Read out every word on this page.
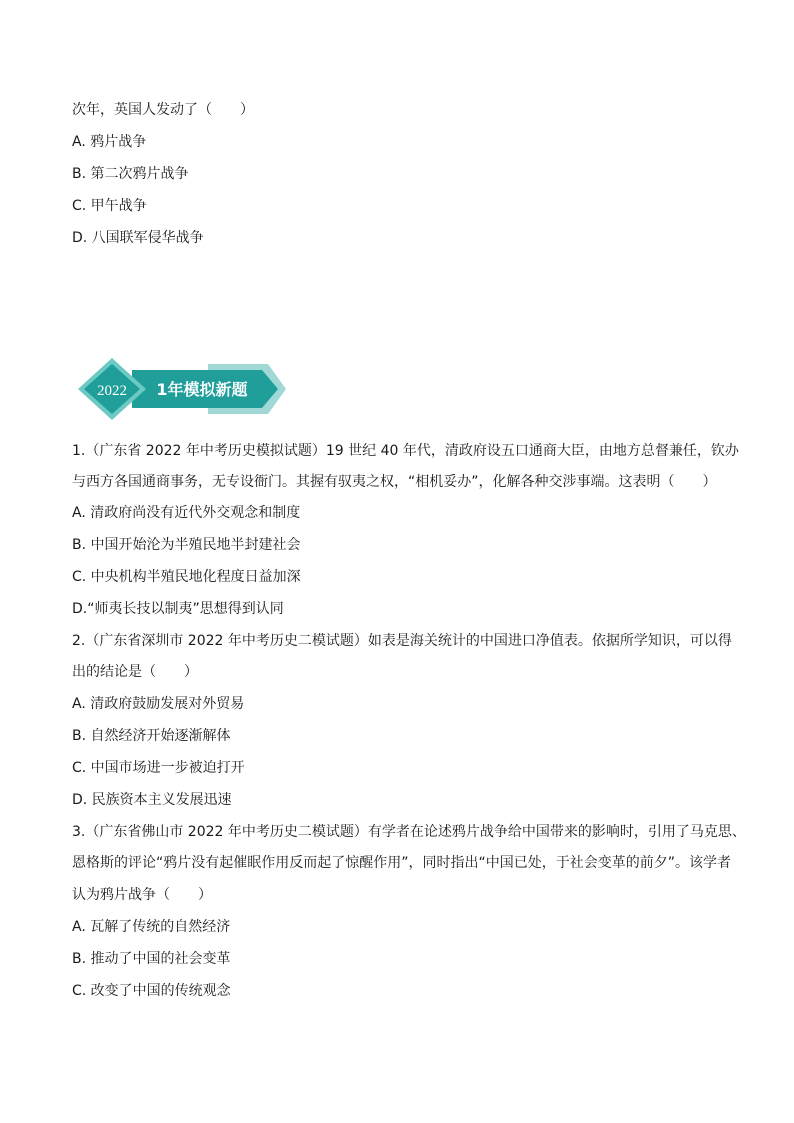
次年，英国人发动了（　　）
A. 鸦片战争
B. 第二次鸦片战争
C. 甲午战争
D. 八国联军侵华战争
2022 1年模拟新题
1.（广东省 2022 年中考历史模拟试题）19 世纪 40 年代，清政府设五口通商大臣，由地方总督兼任，钦办
与西方各国通商事务，无专设衙门。其握有驭夷之权，“相机妥办”，化解各种交涉事端。这表明（　　）
A. 清政府尚没有近代外交观念和制度
B. 中国开始沦为半殖民地半封建社会
C. 中央机构半殖民地化程度日益加深
D.“师夷长技以制夷”思想得到认同
2.（广东省深圳市 2022 年中考历史二模试题）如表是海关统计的中国进口净值表。依据所学知识，可以得
出的结论是（　　）
A. 清政府鼓励发展对外贸易
B. 自然经济开始逐渐解体
C. 中国市场进一步被迫打开
D. 民族资本主义发展迅速
3.（广东省佛山市 2022 年中考历史二模试题）有学者在论述鸦片战争给中国带来的影响时，引用了马克思、
恩格斯的评论“鸦片没有起催眠作用反而起了惊醒作用”，同时指出“中国已处，于社会变革的前夕”。该学者
认为鸦片战争（　　）
A. 瓦解了传统的自然经济
B. 推动了中国的社会变革
C. 改变了中国的传统观念
